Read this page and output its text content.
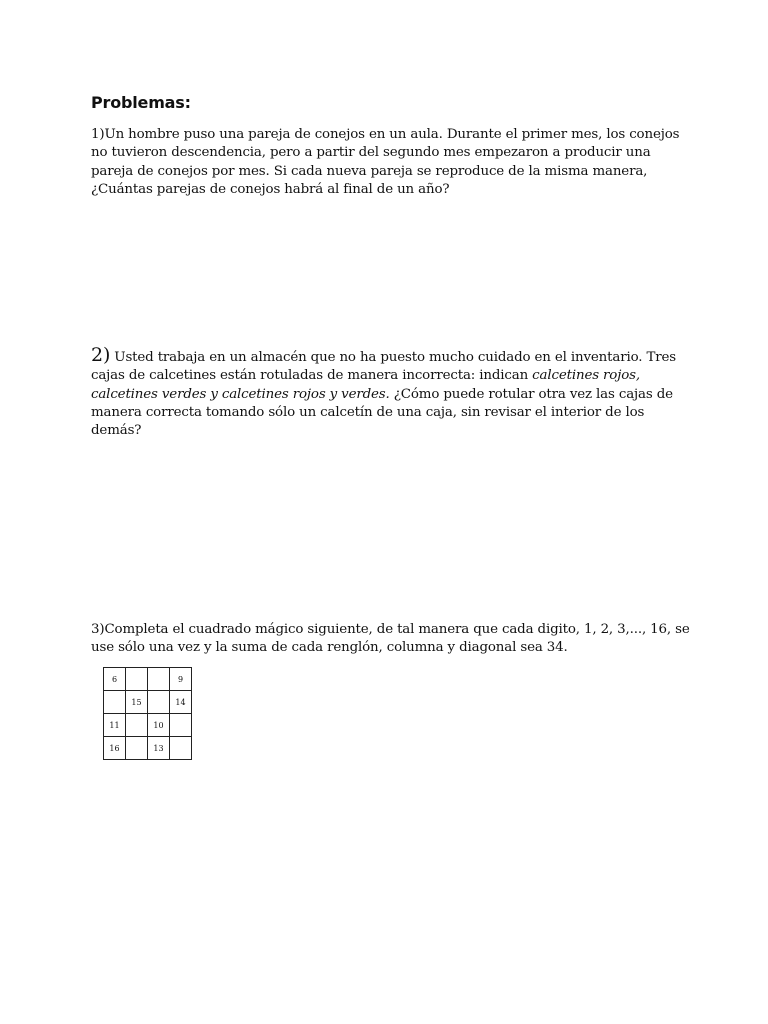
Problemas:
1)Un hombre puso una pareja de conejos en un aula. Durante el primer mes, los conejos no tuvieron descendencia, pero a partir del segundo mes empezaron a producir una pareja de conejos por mes. Si cada nueva pareja se reproduce de la misma manera, ¿Cuántas parejas de conejos habrá al final de un año?
2) Usted trabaja en un almacén que no ha puesto mucho cuidado en el inventario. Tres cajas de calcetines están rotuladas de manera incorrecta: indican calcetines rojos, calcetines verdes y calcetines rojos y verdes. ¿Cómo puede rotular otra vez las cajas de manera correcta tomando sólo un calcetín de una caja, sin revisar el interior de los demás?
3)Completa el cuadrado mágico siguiente, de tal manera que cada digito, 1, 2, 3,..., 16, se use sólo una vez y la suma de cada renglón, columna y diagonal sea 34.
6			9
	15		14
11		10	
16		13	
